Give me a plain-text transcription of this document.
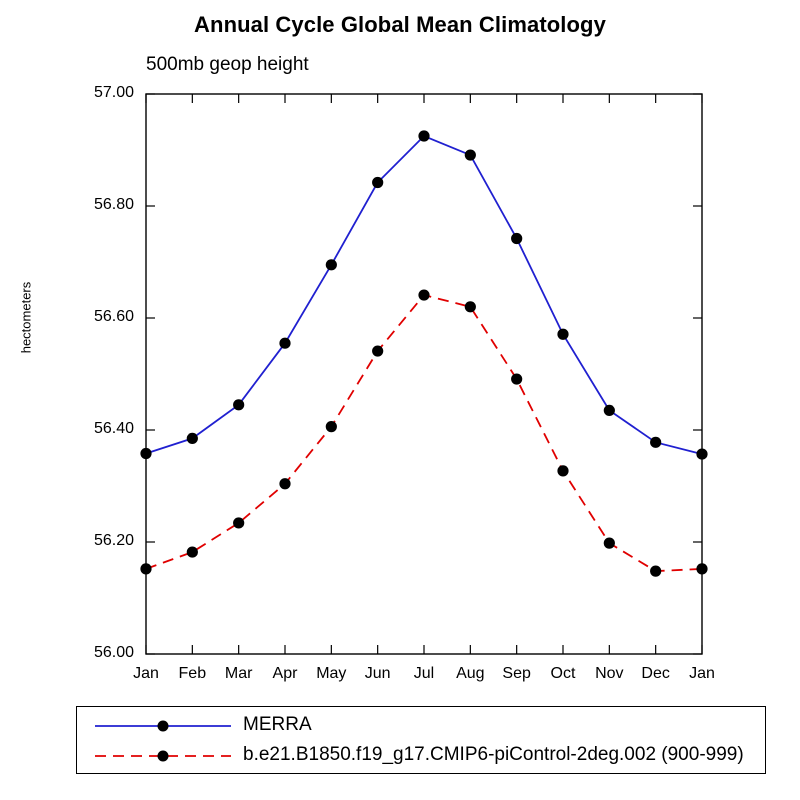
Annual Cycle Global Mean Climatology
500mb geop height
hectometers
Jan	Feb	Mar	Apr	May	Jun	Jul	Aug	Sep	Oct	Nov	Dec	Jan
56.00
56.20
56.40
56.60
56.80
57.00
MERRA
b.e21.B1850.f19_g17.CMIP6-piControl-2deg.002 (900-999)
